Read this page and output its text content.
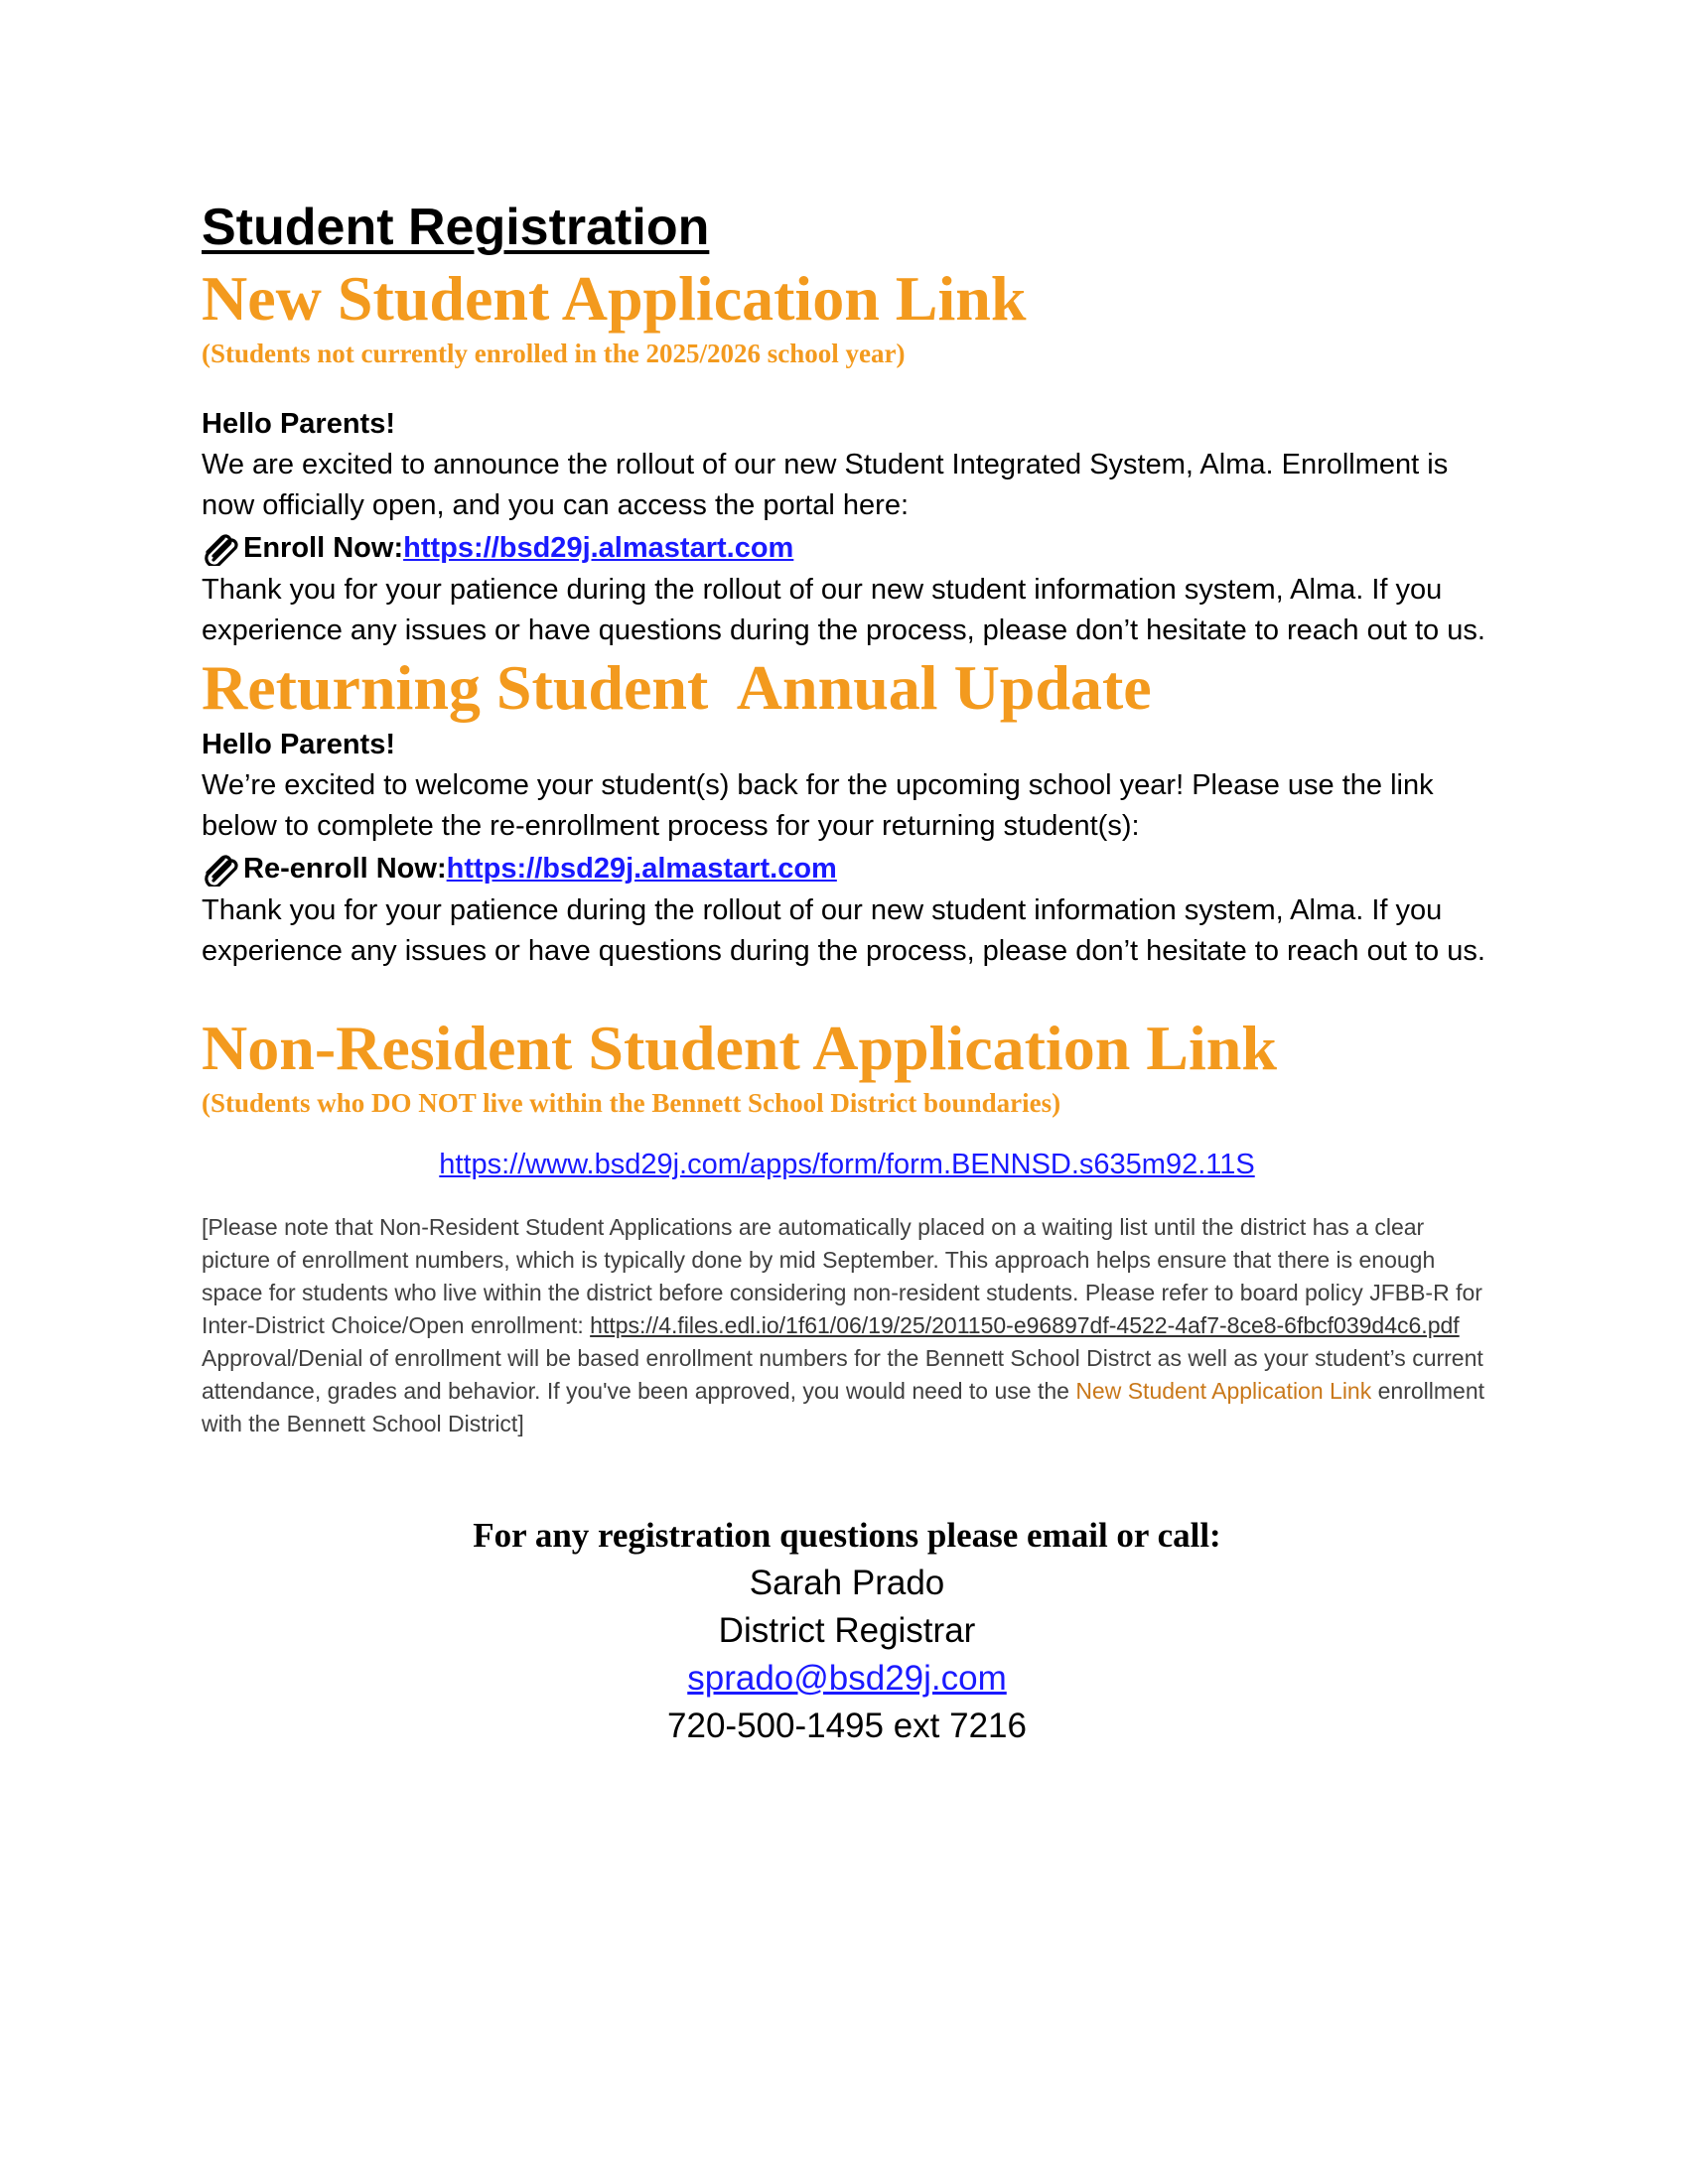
Student Registration
New Student Application Link

(Students not currently enrolled in the 2025/2026 school year)

Hello Parents!

We are excited to announce the rollout of our new Student Integrated System, Alma. Enrollment is now officially open, and you can access the portal here:

Enroll Now: https://bsd29j.almastart.com

Thank you for your patience during the rollout of our new student information system, Alma. If you experience any issues or have questions during the process, please don’t hesitate to reach out to us.

Returning Student  Annual Update

Hello Parents!

We’re excited to welcome your student(s) back for the upcoming school year! Please use the link below to complete the re-enrollment process for your returning student(s):

Re-enroll Now: https://bsd29j.almastart.com

Thank you for your patience during the rollout of our new student information system, Alma. If you experience any issues or have questions during the process, please don’t hesitate to reach out to us.

Non-Resident Student Application Link

(Students who DO NOT live within the Bennett School District boundaries)

https://www.bsd29j.com/apps/form/form.BENNSD.s635m92.11S

[Please note that Non-Resident Student Applications are automatically placed on a waiting list until the district has a clear picture of enrollment numbers, which is typically done by mid September. This approach helps ensure that there is enough space for students who live within the district before considering non-resident students. Please refer to board policy JFBB-R for Inter-District Choice/Open enrollment: https://4.files.edl.io/1f61/06/19/25/201150-e96897df-4522-4af7-8ce8-6fbcf039d4c6.pdf Approval/Denial of enrollment will be based enrollment numbers for the Bennett School Distrct as well as your student’s current attendance, grades and behavior. If you've been approved, you would need to use the New Student Application Link enrollment with the Bennett School District]

For any registration questions please email or call:

Sarah Prado

District Registrar

sprado@bsd29j.com

720-500-1495 ext 7216
